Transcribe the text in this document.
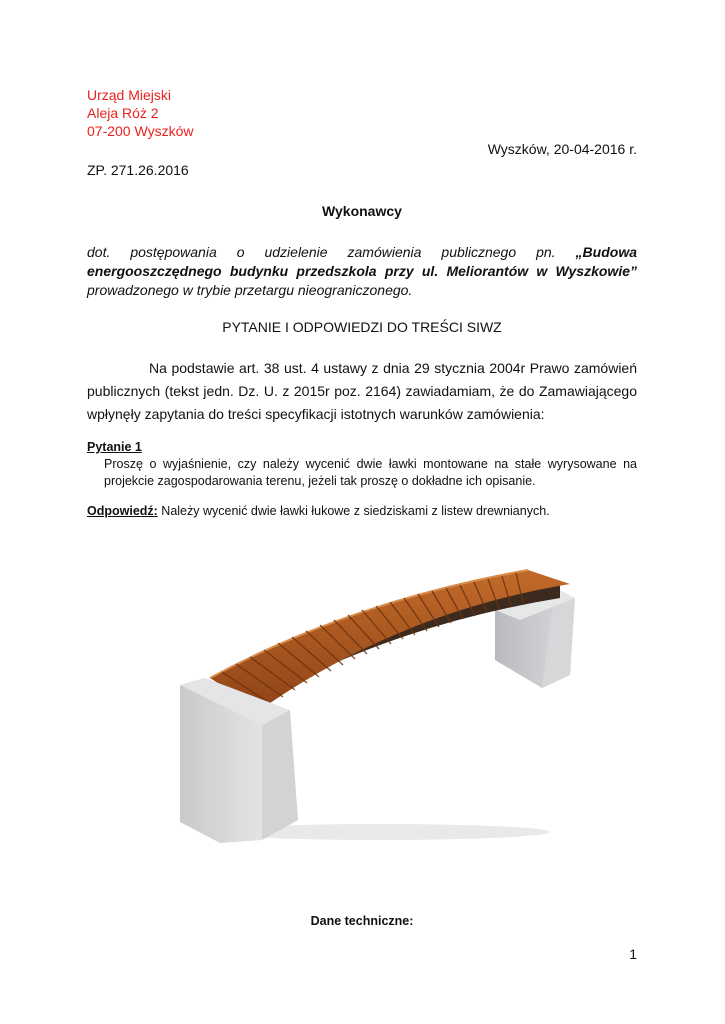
Urząd Miejski
Aleja Róż 2
07-200 Wyszków
Wyszków, 20-04-2016 r.
ZP. 271.26.2016
Wykonawcy
dot. postępowania o udzielenie zamówienia publicznego pn. „Budowa energooszczędnego budynku przedszkola przy ul. Meliorantów w Wyszkowie” prowadzonego w trybie przetargu nieograniczonego.
PYTANIE I ODPOWIEDZI DO TREŚCI SIWZ
Na podstawie art. 38 ust. 4 ustawy z dnia 29 stycznia 2004r Prawo zamówień publicznych (tekst jedn. Dz. U. z 2015r poz. 2164) zawiadamiam, że do Zamawiającego wpłynęły zapytania do treści specyfikacji istotnych warunków zamówienia:
Pytanie 1
Proszę o wyjaśnienie, czy należy wycenić dwie ławki montowane na stałe wyrysowane na projekcie zagospodarowania terenu, jeżeli tak proszę o dokładne ich opisanie.
Odpowiedź: Należy wycenić dwie ławki łukowe z siedziskami z listew drewnianych.
Dane techniczne:
1
